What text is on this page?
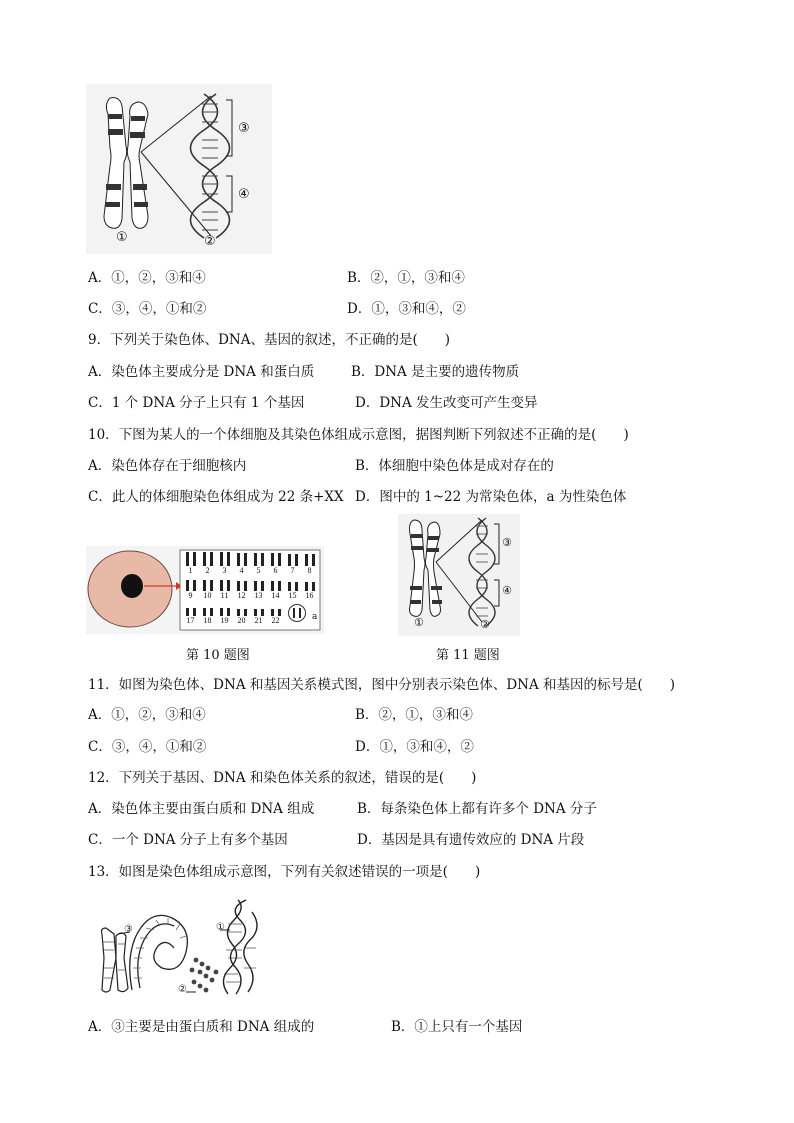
①	②
③
④
A．①，②，③和④	B．②，①，③和④
C．③，④，①和②	D．①，③和④，②
9．下列关于染色体、DNA、基因的叙述，不正确的是(　　)
A．染色体主要成分是 DNA 和蛋白质	B．DNA 是主要的遗传物质
C．1 个 DNA 分子上只有 1 个基因	D．DNA 发生改变可产生变异
10．下图为某人的一个体细胞及其染色体组成示意图，据图判断下列叙述不正确的是(　　)
A．染色体存在于细胞核内	B．体细胞中染色体是成对存在的
C．此人的体细胞染色体组成为 22 条+XX D．图中的 1~22 为常染色体，a 为性染色体
1	2	3	4	5	6	7	8
9	10	11	12	13	14	15	16
17	18	19	20	21	22	a
第 10 题图
①	②
③
④
第 11 题图
11．如图为染色体、DNA 和基因关系模式图，图中分别表示染色体、DNA 和基因的标号是(　　)
A．①，②，③和④	B．②，①，③和④
C．③，④，①和②	D．①，③和④，②
12．下列关于基因、DNA 和染色体关系的叙述，错误的是(　　)
A．染色体主要由蛋白质和 DNA 组成	B．每条染色体上都有许多个 DNA 分子
C．一个 DNA 分子上有多个基因	D．基因是具有遗传效应的 DNA 片段
13．如图是染色体组成示意图，下列有关叙述错误的一项是(　　)
①
②
③
A．③主要是由蛋白质和 DNA 组成的	B．①上只有一个基因
